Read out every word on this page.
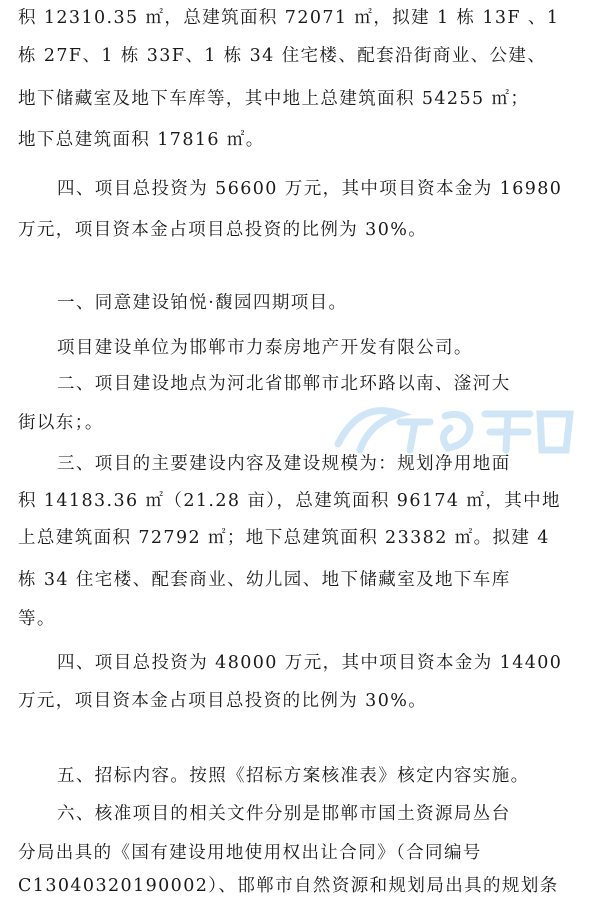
积 12310.35 ㎡，总建筑面积 72071 ㎡，拟建 1 栋 13F 、1
栋 27F、1 栋 33F、1 栋 34 住宅楼、配套沿街商业、公建、
地下储藏室及地下车库等，其中地上总建筑面积 54255 ㎡；
地下总建筑面积 17816 ㎡。
四、项目总投资为 56600 万元，其中项目资本金为 16980
万元，项目资本金占项目总投资的比例为 30%。
一、同意建设铂悦·馥园四期项目。
项目建设单位为邯郸市力泰房地产开发有限公司。
二、项目建设地点为河北省邯郸市北环路以南、滏河大
街以东；。
三、项目的主要建设内容及建设规模为：规划净用地面
积 14183.36 ㎡（21.28 亩），总建筑面积 96174 ㎡，其中地
上总建筑面积 72792 ㎡；地下总建筑面积 23382 ㎡。拟建 4
栋 34 住宅楼、配套商业、幼儿园、地下储藏室及地下车库
等。
四、项目总投资为 48000 万元，其中项目资本金为 14400
万元，项目资本金占项目总投资的比例为 30%。
五、招标内容。按照《招标方案核准表》核定内容实施。
六、核准项目的相关文件分别是邯郸市国土资源局丛台
分局出具的《国有建设用地使用权出让合同》（合同编号
C13040320190002）、邯郸市自然资源和规划局出具的规划条
